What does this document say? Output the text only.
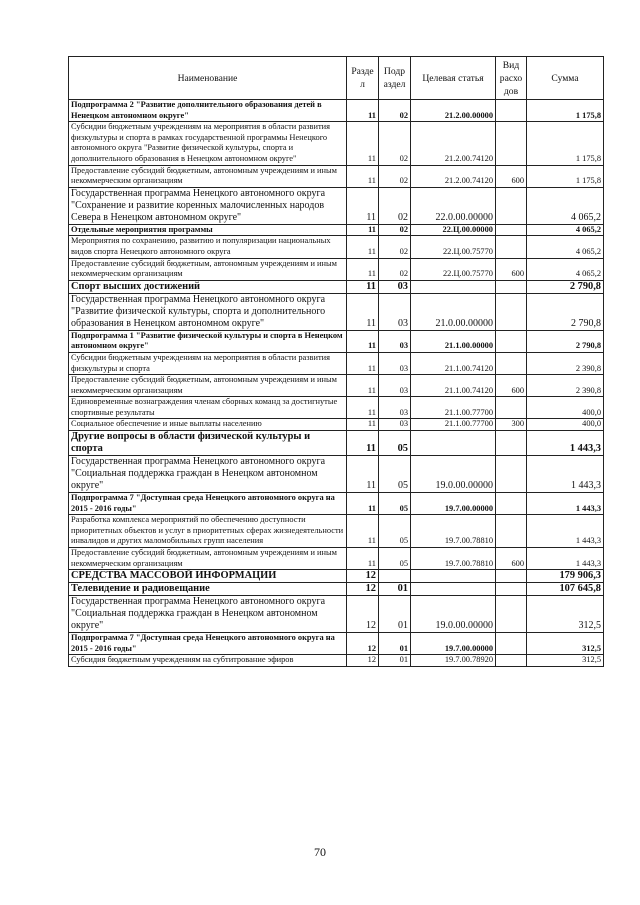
Наименование	Разде л	Подр аздел	Целевая статья	Вид расхо дов	Сумма
Подпрограмма 2 "Развитие дополнительного образования детей в Ненецком автономном округе"	11	02	21.2.00.00000		1 175,8
Субсидии бюджетным учреждениям на мероприятия в области развития физкультуры и спорта в рамках государственной программы Ненецкого автономного округа "Развитие физической культуры, спорта и дополнительного образования в Ненецком автономном округе"	11	02	21.2.00.74120		1 175,8
Предоставление субсидий бюджетным, автономным учреждениям и иным некоммерческим организациям	11	02	21.2.00.74120	600	1 175,8
Государственная программа Ненецкого автономного округа "Сохранение и развитие коренных малочисленных народов Севера в Ненецком автономном округе"	11	02	22.0.00.00000		4 065,2
Отдельные мероприятия программы	11	02	22.Ц.00.00000		4 065,2
Мероприятия по сохранению, развитию и популяризации национальных видов спорта Ненецкого автономного округа	11	02	22.Ц.00.75770		4 065,2
Предоставление субсидий бюджетным, автономным учреждениям и иным некоммерческим организациям	11	02	22.Ц.00.75770	600	4 065,2
Спорт высших достижений	11	03			2 790,8
Государственная программа Ненецкого автономного округа "Развитие физической культуры, спорта и дополнительного образования в Ненецком автономном округе"	11	03	21.0.00.00000		2 790,8
Подпрограмма 1 "Развитие физической культуры и спорта в Ненецком автономном округе"	11	03	21.1.00.00000		2 790,8
Субсидии бюджетным учреждениям на мероприятия в области развития физкультуры и спорта	11	03	21.1.00.74120		2 390,8
Предоставление субсидий бюджетным, автономным учреждениям и иным некоммерческим организациям	11	03	21.1.00.74120	600	2 390,8
Единовременные вознаграждения членам сборных команд за достигнутые спортивные результаты	11	03	21.1.00.77700		400,0
Социальное обеспечение и иные выплаты населению	11	03	21.1.00.77700	300	400,0
Другие вопросы в области физической культуры и спорта	11	05			1 443,3
Государственная программа Ненецкого автономного округа "Социальная поддержка граждан в Ненецком автономном округе"	11	05	19.0.00.00000		1 443,3
Подпрограмма 7 "Доступная среда Ненецкого автономного округа на 2015 - 2016 годы"	11	05	19.7.00.00000		1 443,3
Разработка комплекса мероприятий по обеспечению доступности приоритетных объектов и услуг в приоритетных сферах жизнедеятельности инвалидов и других маломобильных групп населения	11	05	19.7.00.78810		1 443,3
Предоставление субсидий бюджетным, автономным учреждениям и иным некоммерческим организациям	11	05	19.7.00.78810	600	1 443,3
СРЕДСТВА МАССОВОЙ ИНФОРМАЦИИ	12				179 906,3
Телевидение и радиовещание	12	01			107 645,8
Государственная программа Ненецкого автономного округа "Социальная поддержка граждан в Ненецком автономном округе"	12	01	19.0.00.00000		312,5
Подпрограмма 7 "Доступная среда Ненецкого автономного округа на 2015 - 2016 годы"	12	01	19.7.00.00000		312,5
Субсидия бюджетным учреждениям на субтитрование эфиров	12	01	19.7.00.78920		312,5
70
